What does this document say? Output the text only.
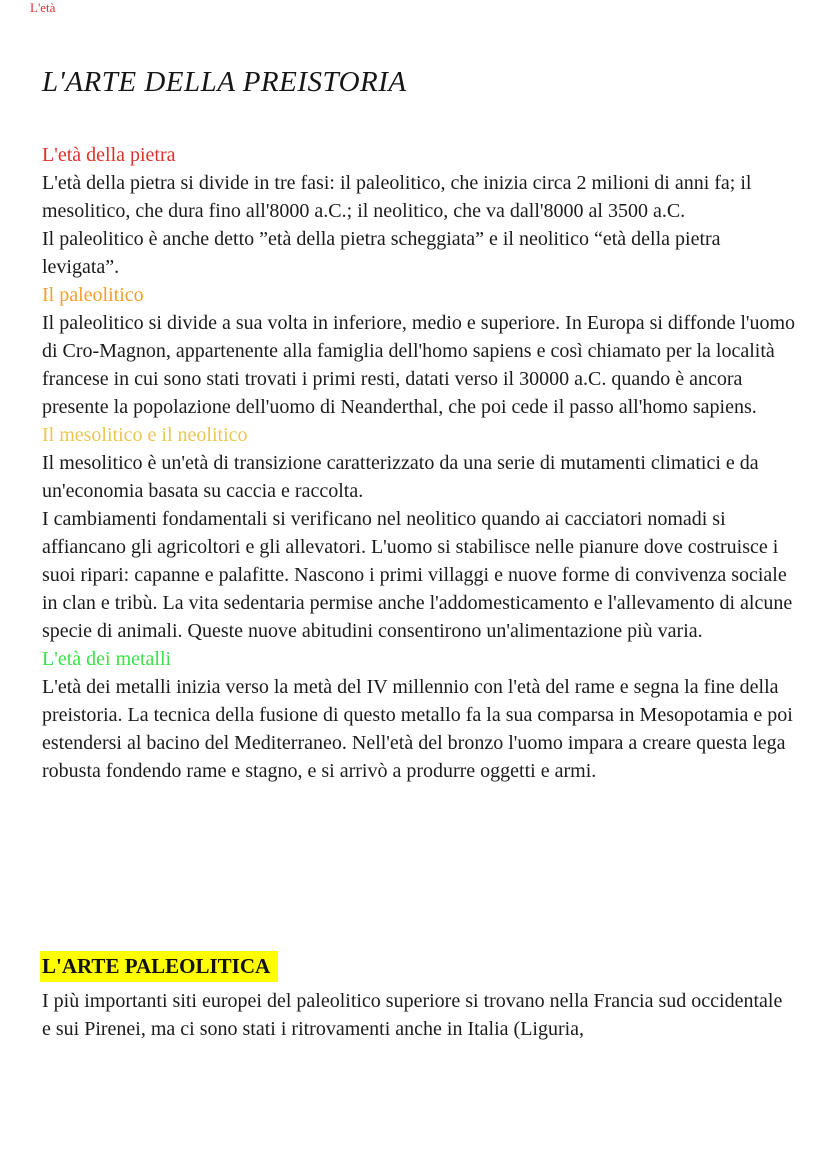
L'età
L'ARTE DELLA PREISTORIA
L'età della pietra

L'età della pietra si divide in tre fasi: il paleolitico, che inizia circa 2 milioni di anni fa; il mesolitico, che dura fino all'8000 a.C.; il neolitico, che va dall'8000 al 3500 a.C.

Il paleolitico è anche detto ”età della pietra scheggiata” e il neolitico “età della pietra levigata”.

Il paleolitico

Il paleolitico si divide a sua volta in inferiore, medio e superiore. In Europa si diffonde l'uomo di Cro-Magnon, appartenente alla famiglia dell'homo sapiens e così chiamato per la località francese in cui sono stati trovati i primi resti, datati verso il 30000 a.C. quando è ancora presente la popolazione dell'uomo di Neanderthal, che poi cede il passo all'homo sapiens.

Il mesolitico e il neolitico

Il mesolitico è un'età di transizione caratterizzato da una serie di mutamenti climatici e da un'economia basata su caccia e raccolta.

I cambiamenti fondamentali si verificano nel neolitico quando ai cacciatori nomadi si affiancano gli agricoltori e gli allevatori. L'uomo si stabilisce nelle pianure dove costruisce i suoi ripari: capanne e palafitte. Nascono i primi villaggi e nuove forme di convivenza sociale in clan e tribù. La vita sedentaria permise anche l'addomesticamento e l'allevamento di alcune specie di animali. Queste nuove abitudini consentirono un'alimentazione più varia.

L'età dei metalli

L'età dei metalli inizia verso la metà del IV millennio con l'età del rame e segna la fine della preistoria. La tecnica della fusione di questo metallo fa la sua comparsa in Mesopotamia e poi estendersi al bacino del Mediterraneo. Nell'età del bronzo l'uomo impara a creare questa lega robusta fondendo rame e stagno, e si arrivò a produrre oggetti e armi.

L'ARTE PALEOLITICA

I più importanti siti europei del paleolitico superiore si trovano nella Francia sud occidentale e sui Pirenei, ma ci sono stati i ritrovamenti anche in Italia (Liguria,
